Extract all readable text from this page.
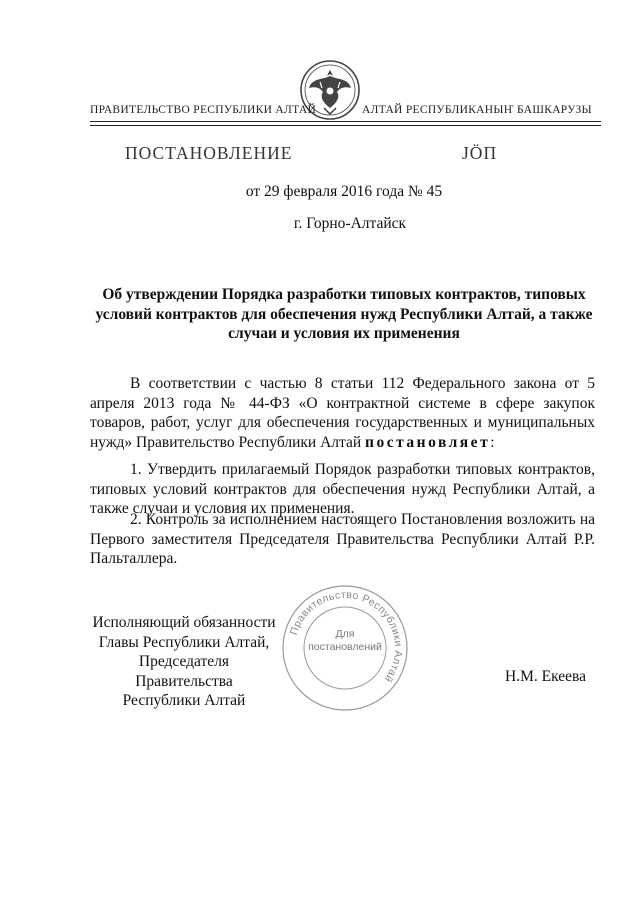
ПРАВИТЕЛЬСТВО РЕСПУБЛИКИ АЛТАЙ	АЛТАЙ РЕСПУБЛИКАНЫҤ БАШКАРУЗЫ
ПОСТАНОВЛЕНИЕ	JӦП
от 29 февраля 2016 года № 45
г. Горно-Алтайск
Об утверждении Порядка разработки типовых контрактов, типовых условий контрактов для обеспечения нужд Республики Алтай, а также случаи и условия их применения
В соответствии с частью 8 статьи 112 Федерального закона от 5 апреля 2013 года № 44-ФЗ «О контрактной системе в сфере закупок товаров, работ, услуг для обеспечения государственных и муниципальных нужд» Правительство Республики Алтай постановляет:
1. Утвердить прилагаемый Порядок разработки типовых контрактов, типовых условий контрактов для обеспечения нужд Республики Алтай, а также случаи и условия их применения.
2. Контроль за исполнением настоящего Постановления возложить на Первого заместителя Председателя Правительства Республики Алтай Р.Р. Пальталлера.
Исполняющий обязанности
Главы Республики Алтай,
Председателя Правительства
Республики Алтай
Правительство Республики Алтай
Для
постановлений
Н.М. Екеева
